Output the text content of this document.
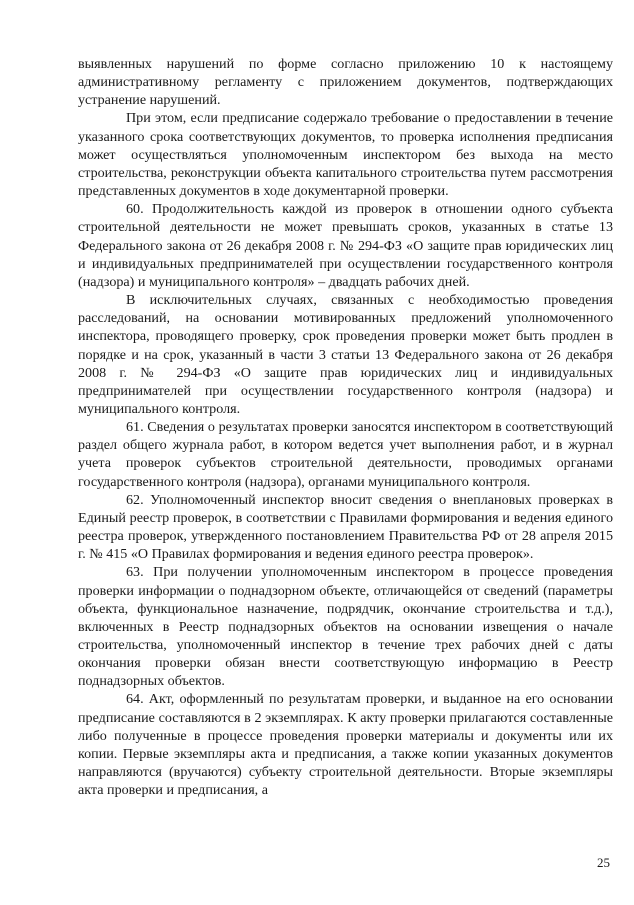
выявленных нарушений по форме согласно приложению 10 к настоящему административному регламенту с приложением документов, подтверждающих устранение нарушений.

При этом, если предписание содержало требование о предоставлении в течение указанного срока соответствующих документов, то проверка исполнения предписания может осуществляться уполномоченным инспектором без выхода на место строительства, реконструкции объекта капитального строительства путем рассмотрения представленных документов в ходе документарной проверки.

60. Продолжительность каждой из проверок в отношении одного субъекта строительной деятельности не может превышать сроков, указанных в статье 13 Федерального закона от 26 декабря 2008 г. № 294-ФЗ «О защите прав юридических лиц и индивидуальных предпринимателей при осуществлении государственного контроля (надзора) и муниципального контроля» – двадцать рабочих дней.

В исключительных случаях, связанных с необходимостью проведения расследований, на основании мотивированных предложений уполномоченного инспектора, проводящего проверку, срок проведения проверки может быть продлен в порядке и на срок, указанный в части 3 статьи 13 Федерального закона от 26 декабря 2008 г. № 294-ФЗ «О защите прав юридических лиц и индивидуальных предпринимателей при осуществлении государственного контроля (надзора) и муниципального контроля.

61. Сведения о результатах проверки заносятся инспектором в соответствующий раздел общего журнала работ, в котором ведется учет выполнения работ, и в журнал учета проверок субъектов строительной деятельности, проводимых органами государственного контроля (надзора), органами муниципального контроля.

62. Уполномоченный инспектор вносит сведения о внеплановых проверках в Единый реестр проверок, в соответствии с Правилами формирования и ведения единого реестра проверок, утвержденного постановлением Правительства РФ от 28 апреля 2015 г. № 415 «О Правилах формирования и ведения единого реестра проверок».

63. При получении уполномоченным инспектором в процессе проведения проверки информации о поднадзорном объекте, отличающейся от сведений (параметры объекта, функциональное назначение, подрядчик, окончание строительства и т.д.), включенных в Реестр поднадзорных объектов на основании извещения о начале строительства, уполномоченный инспектор в течение трех рабочих дней с даты окончания проверки обязан внести соответствующую информацию в Реестр поднадзорных объектов.

64. Акт, оформленный по результатам проверки, и выданное на его основании предписание составляются в 2 экземплярах. К акту проверки прилагаются составленные либо полученные в процессе проведения проверки материалы и документы или их копии. Первые экземпляры акта и предписания, а также копии указанных документов направляются (вручаются) субъекту строительной деятельности. Вторые экземпляры акта проверки и предписания, а

25
